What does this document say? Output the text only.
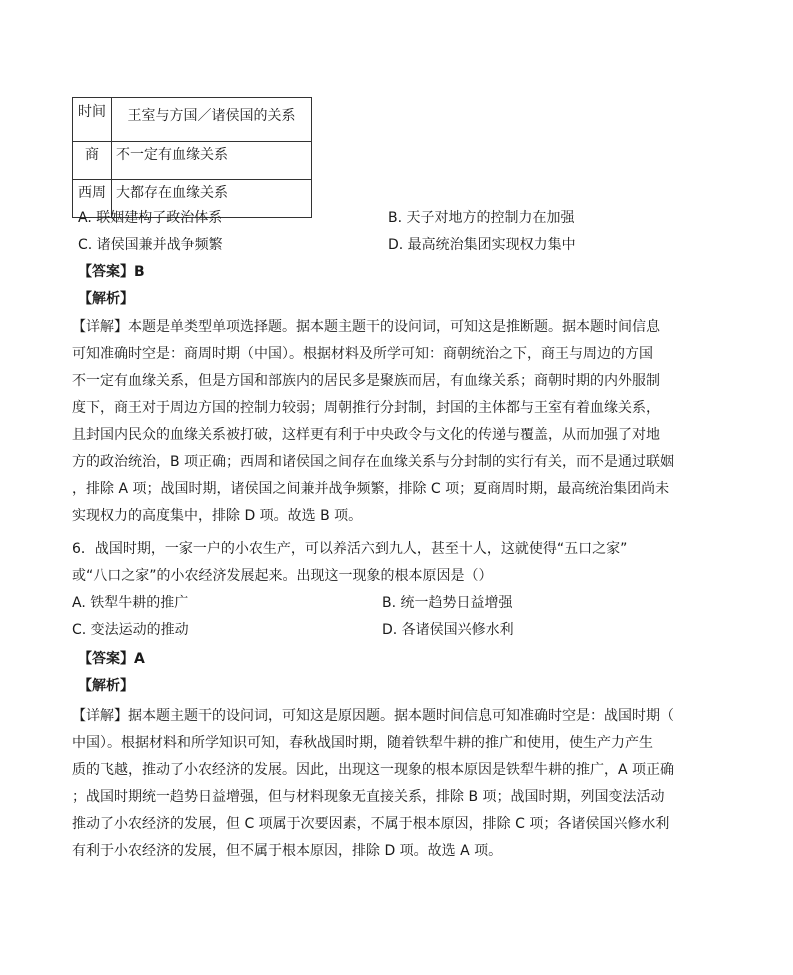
时间	王室与方国／诸侯国的关系
商	不一定有血缘关系
西周	大都存在血缘关系
A. 联姻建构了政治体系	B. 天子对地方的控制力在加强
C. 诸侯国兼并战争频繁	D. 最高统治集团实现权力集中
【答案】B
【解析】
【详解】本题是单类型单项选择题。据本题主题干的设问词，可知这是推断题。据本题时间信息
可知准确时空是：商周时期（中国）。根据材料及所学可知：商朝统治之下，商王与周边的方国
不一定有血缘关系，但是方国和部族内的居民多是聚族而居，有血缘关系；商朝时期的内外服制
度下，商王对于周边方国的控制力较弱；周朝推行分封制，封国的主体都与王室有着血缘关系，
且封国内民众的血缘关系被打破，这样更有利于中央政令与文化的传递与覆盖，从而加强了对地
方的政治统治，B 项正确；西周和诸侯国之间存在血缘关系与分封制的实行有关，而不是通过联姻
，排除 A 项；战国时期，诸侯国之间兼并战争频繁，排除 C 项；夏商周时期，最高统治集团尚未
实现权力的高度集中，排除 D 项。故选 B 项。
6．战国时期，一家一户的小农生产，可以养活六到九人，甚至十人，这就使得“五口之家”
或“八口之家”的小农经济发展起来。出现这一现象的根本原因是（）
A. 铁犁牛耕的推广	B. 统一趋势日益增强
C. 变法运动的推动	D. 各诸侯国兴修水利
【答案】A
【解析】
【详解】据本题主题干的设问词，可知这是原因题。据本题时间信息可知准确时空是：战国时期（
中国）。根据材料和所学知识可知，春秋战国时期，随着铁犁牛耕的推广和使用，使生产力产生
质的飞越，推动了小农经济的发展。因此，出现这一现象的根本原因是铁犁牛耕的推广，A 项正确
；战国时期统一趋势日益增强，但与材料现象无直接关系，排除 B 项；战国时期，列国变法活动
推动了小农经济的发展，但 C 项属于次要因素，不属于根本原因，排除 C 项；各诸侯国兴修水利
有利于小农经济的发展，但不属于根本原因，排除 D 项。故选 A 项。
